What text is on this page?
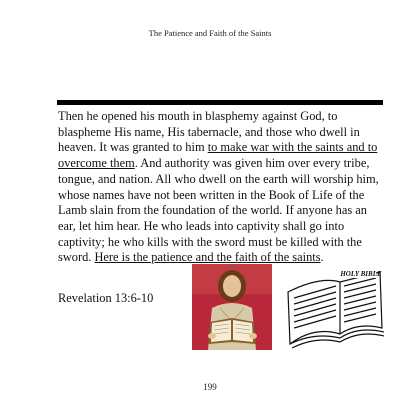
The Patience and Faith of the Saints

Then he opened his mouth in blasphemy against God, to blaspheme His name, His tabernacle, and those who dwell in heaven. It was granted to him to make war with the saints and to overcome them. And authority was given him over every tribe, tongue, and nation. All who dwell on the earth will worship him, whose names have not been written in the Book of Life of the Lamb slain from the foundation of the world. If anyone has an ear, let him hear. He who leads into captivity shall go into captivity; he who kills with the sword must be killed with the sword. Here is the patience and the faith of the saints.

Revelation 13:6-10
HOLY BIBLE
199
